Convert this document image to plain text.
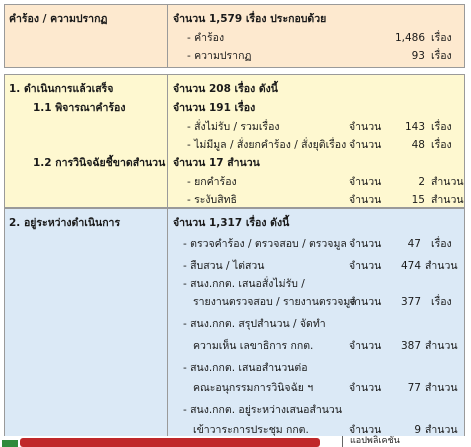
คำร้อง / ความปรากฏ	จำนวน 1,579 เรื่อง ประกอบด้วย
- คำร้อง	1,486 เรื่อง
- ความปรากฏ	93 เรื่อง
1. ดำเนินการแล้วเสร็จ	จำนวน 208 เรื่อง ดังนี้
1.1 พิจารณาคำร้อง	จำนวน 191 เรื่อง
- สั่งไม่รับ / รวมเรื่อง	จำนวน	143 เรื่อง
- ไม่มีมูล / สั่งยกคำร้อง / สั่งยุติเรื่อง จำนวน	48 เรื่อง
1.2 การวินิจฉัยชี้ขาดสำนวน จำนวน 17 สำนวน
- ยกคำร้อง	จำนวน	2 สำนวน
- ระงับสิทธิ	จำนวน	15 สำนวน
2. อยู่ระหว่างดำเนินการ	จำนวน 1,317 เรื่อง ดังนี้
- ตรวจคำร้อง / ตรวจสอบ / ตรวจมูล จำนวน	47 เรื่อง
- สืบสวน / ไต่สวน	จำนวน	474 สำนวน
- สนง.กกต. เสนอสั่งไม่รับ /
รายงานตรวจสอบ / รายงานตรวจมูล
จำนวน	377 เรื่อง
- สนง.กกต. สรุปสำนวน / จัดทำ
ความเห็น เลขาธิการ กกต.	จำนวน	387 สำนวน
- สนง.กกต. เสนอสำนวนต่อ
คณะอนุกรรมการวินิจฉัย ฯ	จำนวน	77 สำนวน
- สนง.กกต. อยู่ระหว่างเสนอสำนวน
เข้าวาระการประชุม กกต.	จำนวน	9 สำนวน
แอปพลิเคชัน
